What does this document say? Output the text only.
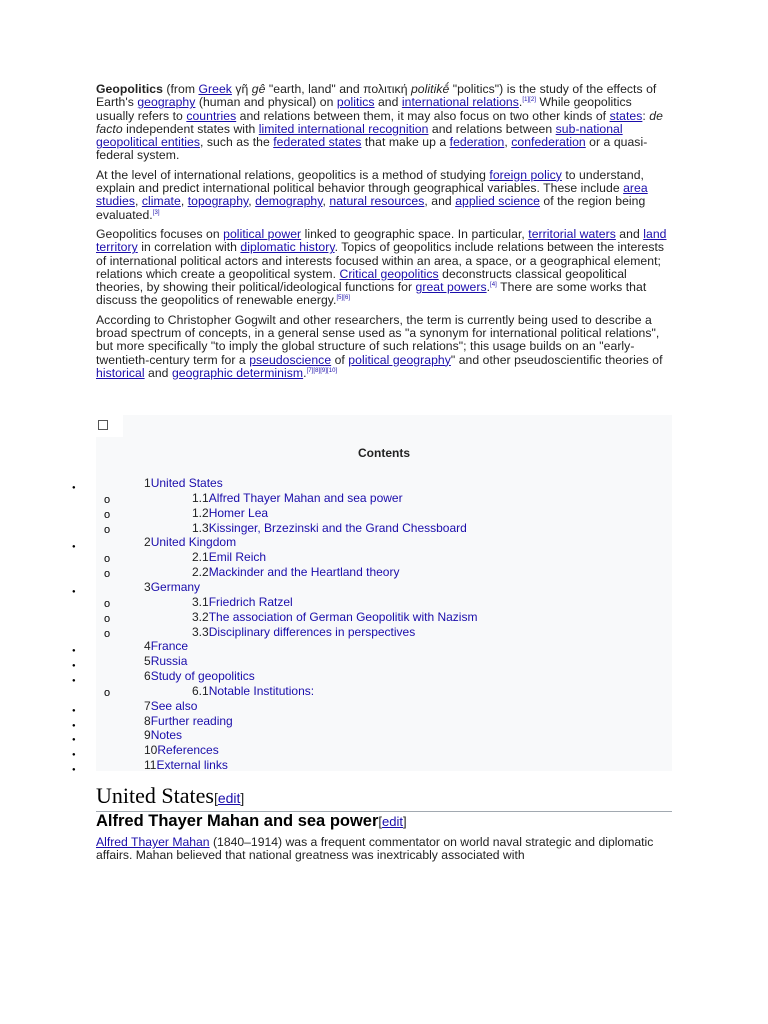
Geopolitics (from Greek γῆ gê "earth, land" and πολιτική politikḗ "politics") is the study of the effects of Earth's geography (human and physical) on politics and international relations.[1][2] While geopolitics usually refers to countries and relations between them, it may also focus on two other kinds of states: de facto independent states with limited international recognition and relations between sub-national geopolitical entities, such as the federated states that make up a federation, confederation or a quasi-federal system.

At the level of international relations, geopolitics is a method of studying foreign policy to understand, explain and predict international political behavior through geographical variables. These include area studies, climate, topography, demography, natural resources, and applied science of the region being evaluated.[3]

Geopolitics focuses on political power linked to geographic space. In particular, territorial waters and land territory in correlation with diplomatic history. Topics of geopolitics include relations between the interests of international political actors and interests focused within an area, a space, or a geographical element; relations which create a geopolitical system. Critical geopolitics deconstructs classical geopolitical theories, by showing their political/ideological functions for great powers.[4] There are some works that discuss the geopolitics of renewable energy.[5][6]

According to Christopher Gogwilt and other researchers, the term is currently being used to describe a broad spectrum of concepts, in a general sense used as "a synonym for international political relations", but more specifically "to imply the global structure of such relations"; this usage builds on an "early-twentieth-century term for a pseudoscience of political geography" and other pseudoscientific theories of historical and geographic determinism.[7][8][9][10]

Contents
●	1United States
o	1.1Alfred Thayer Mahan and sea power
o	1.2Homer Lea
o	1.3Kissinger, Brzezinski and the Grand Chessboard
●	2United Kingdom
o	2.1Emil Reich
o	2.2Mackinder and the Heartland theory
●	3Germany
o	3.1Friedrich Ratzel
o	3.2The association of German Geopolitik with Nazism
o	3.3Disciplinary differences in perspectives
●	4France
●	5Russia
●	6Study of geopolitics
o	6.1Notable Institutions:
●	7See also
●	8Further reading
●	9Notes
●	10References
●	11External links
United States[edit]
Alfred Thayer Mahan and sea power[edit]

Alfred Thayer Mahan (1840–1914) was a frequent commentator on world naval strategic and diplomatic affairs. Mahan believed that national greatness was inextricably associated with
